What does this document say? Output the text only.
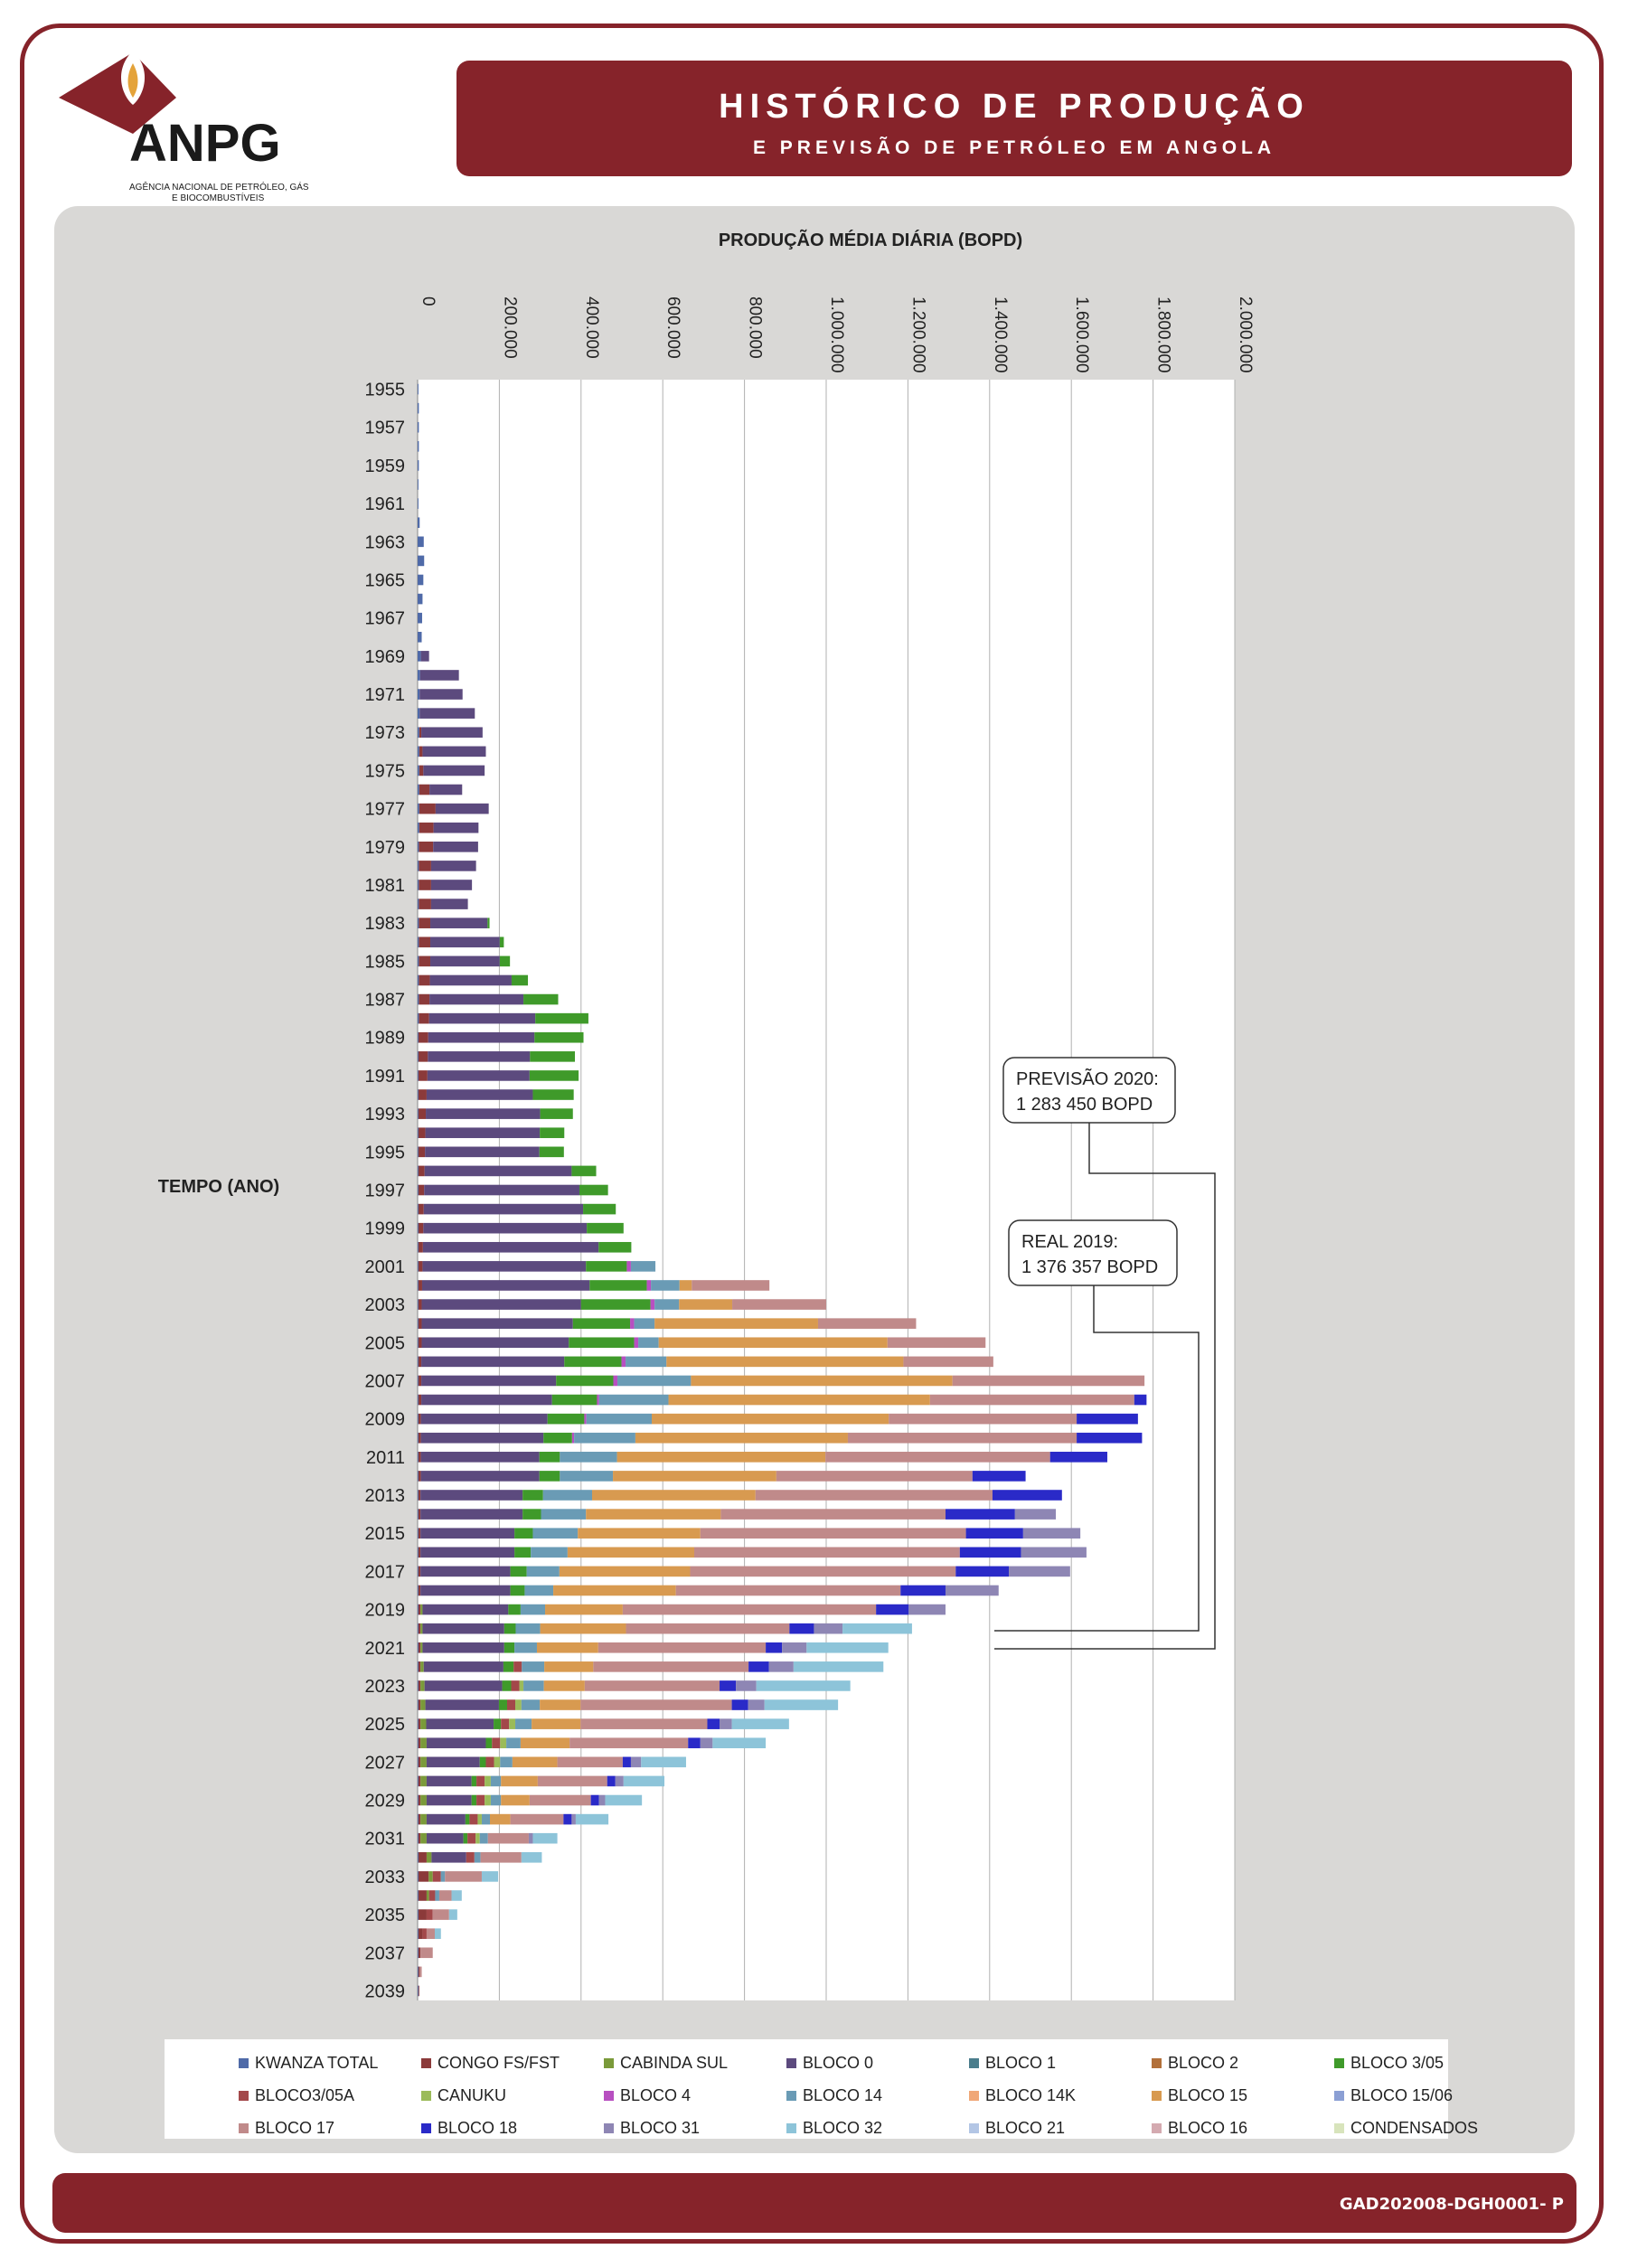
ANPG
AGÊNCIA NACIONAL DE PETRÓLEO, GÁS
E BIOCOMBUSTÍVEIS
HISTÓRICO DE PRODUÇÃO
E PREVISÃO DE PETRÓLEO EM ANGOLA
PRODUÇÃO MÉDIA DIÁRIA (BOPD)
TEMPO (ANO)
0	200.000	400.000	600.000	800.000	1.000.000	1.200.000	1.400.000	1.600.000	1.800.000	2.000.000
1955
1957
1959
1961
1963
1965
1967
1969
1971
1973
1975
1977
1979
1981
1983
1985
1987
1989
1991
1993
1995
1997
1999
2001
2003
2005
2007
2009
2011
2013
2015
2017
2019
2021
2023
2025
2027
2029
2031
2033
2035
2037
2039
PREVISÃO 2020:
1 283 450 BOPD
REAL 2019:
1 376 357 BOPD
KWANZA TOTAL	CONGO FS/FST	CABINDA SUL	BLOCO 0	BLOCO 1	BLOCO 2	BLOCO 3/05
BLOCO3/05A	CANUKU	BLOCO 4	BLOCO 14	BLOCO 14K	BLOCO 15	BLOCO 15/06
BLOCO 17	BLOCO 18	BLOCO 31	BLOCO 32	BLOCO 21	BLOCO 16	CONDENSADOS
GAD202008-DGH0001- P
